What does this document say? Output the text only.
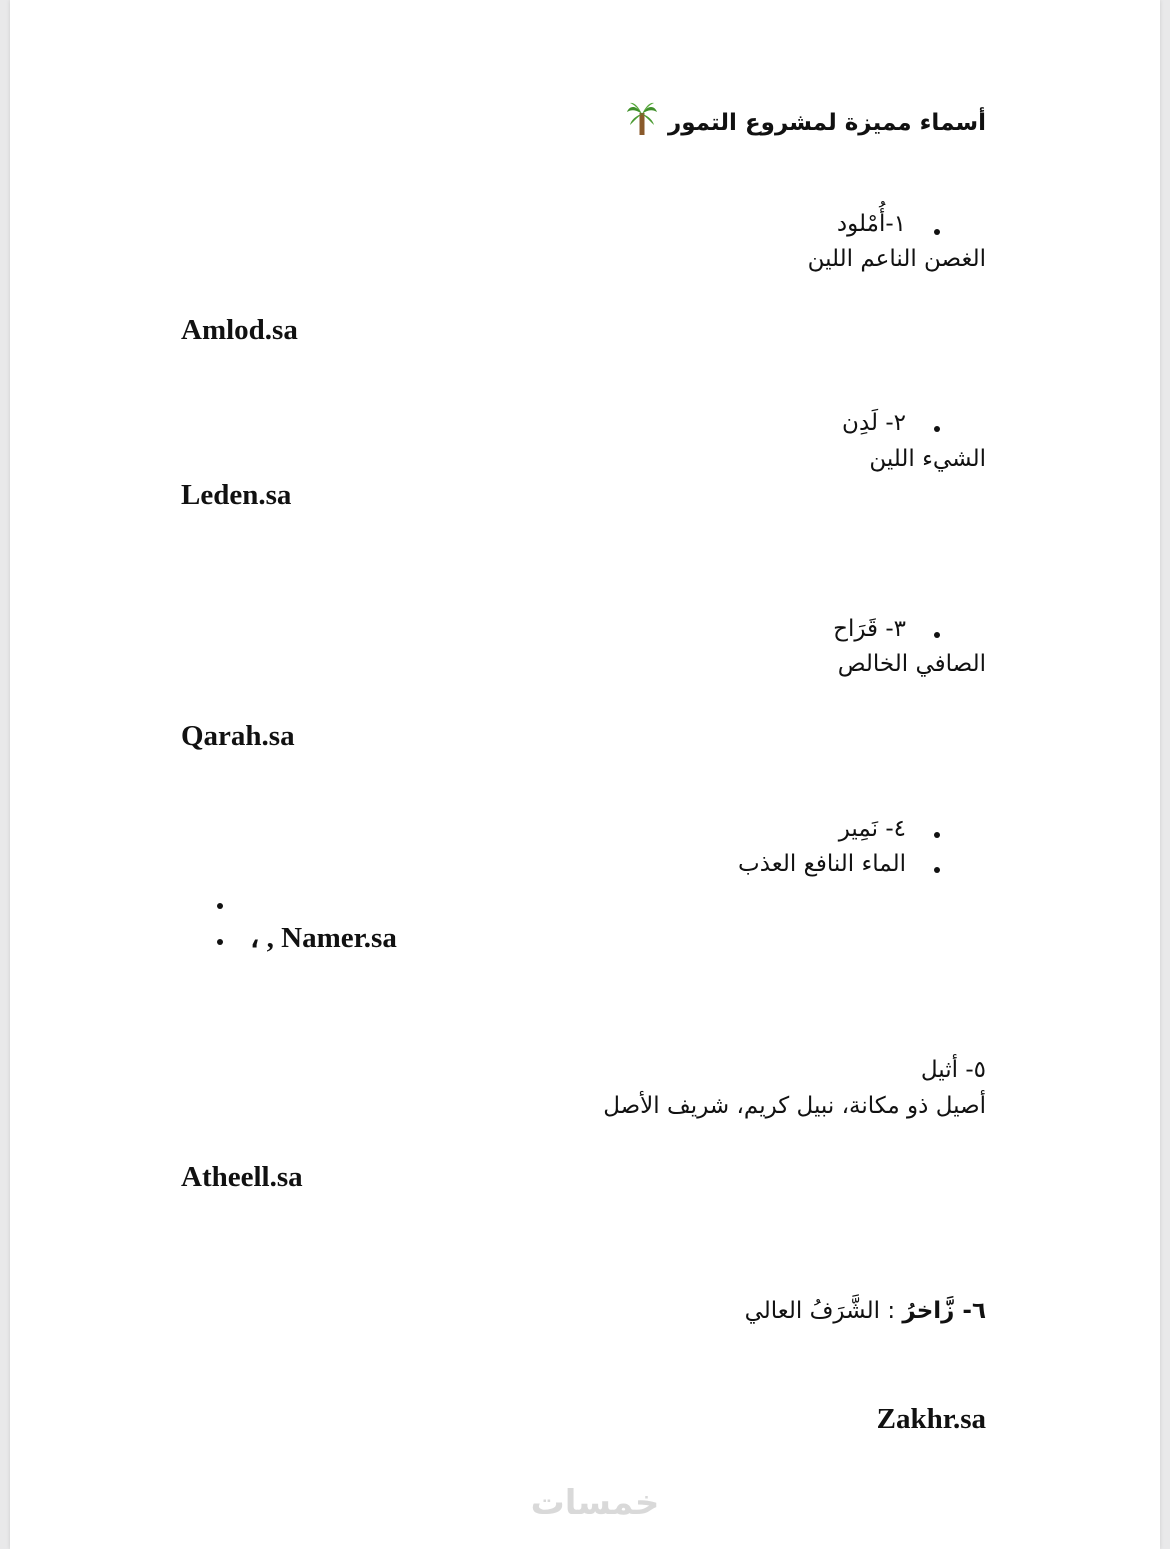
أسماء مميزة لمشروع التمور
١-أُمْلود
الغصن الناعم اللين
Amlod.sa
٢- لَدِن
الشيء اللين
Leden.sa
٣- قَرَاح
الصافي الخالص
Qarah.sa
٤- نَمِير
الماء النافع العذب
، , Namer.sa
٥- أثيل
أصيل ذو مكانة، نبيل كريم، شريف الأصل
Atheell.sa
٦- زَّاخرُ : الشَّرَفُ العالي
Zakhr.sa
خمسات
